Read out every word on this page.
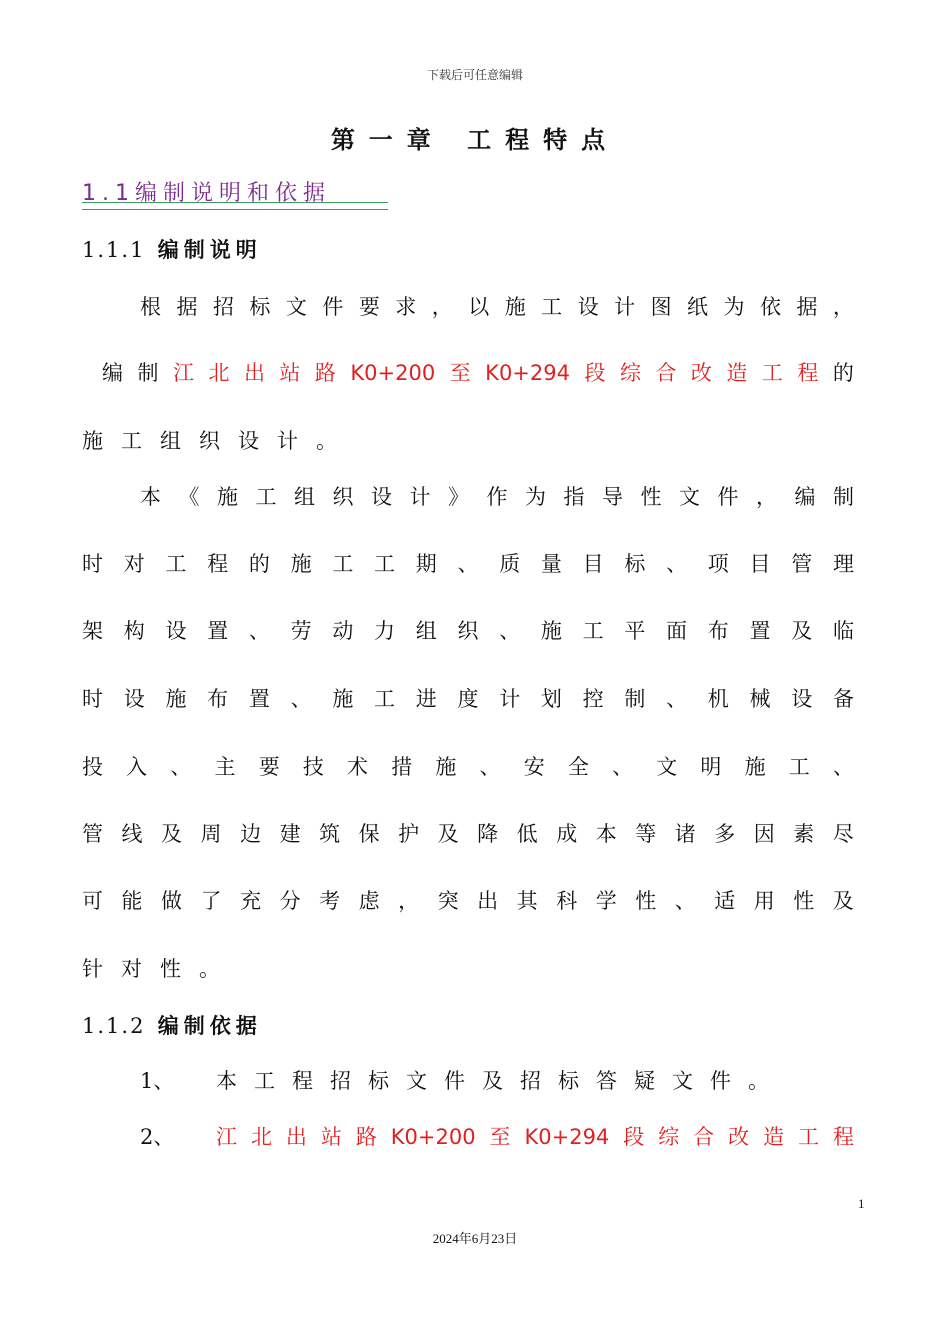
下载后可任意编辑
第一章 工程特点
1.1编制说明和依据
1.1.1 编制说明
根 据 招 标 文 件 要 求 ， 以 施 工 设 计 图 纸 为 依 据 ，
编 制 江 北 出 站 路 K0+200 至 K0+294 段 综 合 改 造 工 程 的
施工组织设计。
本 《 施 工 组 织 设 计 》 作 为 指 导 性 文 件 ， 编 制
时 对 工 程 的 施 工 工 期 、 质 量 目 标 、 项 目 管 理
架 构 设 置 、 劳 动 力 组 织 、 施 工 平 面 布 置 及 临
时 设 施 布 置 、 施 工 进 度 计 划 控 制 、 机 械 设 备
投 入 、 主 要 技 术 措 施 、 安 全 、 文 明 施 工 、
管 线 及 周 边 建 筑 保 护 及 降 低 成 本 等 诸 多 因 素 尽
可 能 做 了 充 分 考 虑 ， 突 出 其 科 学 性 、 适 用 性 及
针对性。
1.1.2 编制依据
1、 本工程招标文件及招标答疑文件。
2、 江 北 出 站 路 K0+200 至 K0+294 段 综 合 改 造 工 程
1
2024年6月23日
